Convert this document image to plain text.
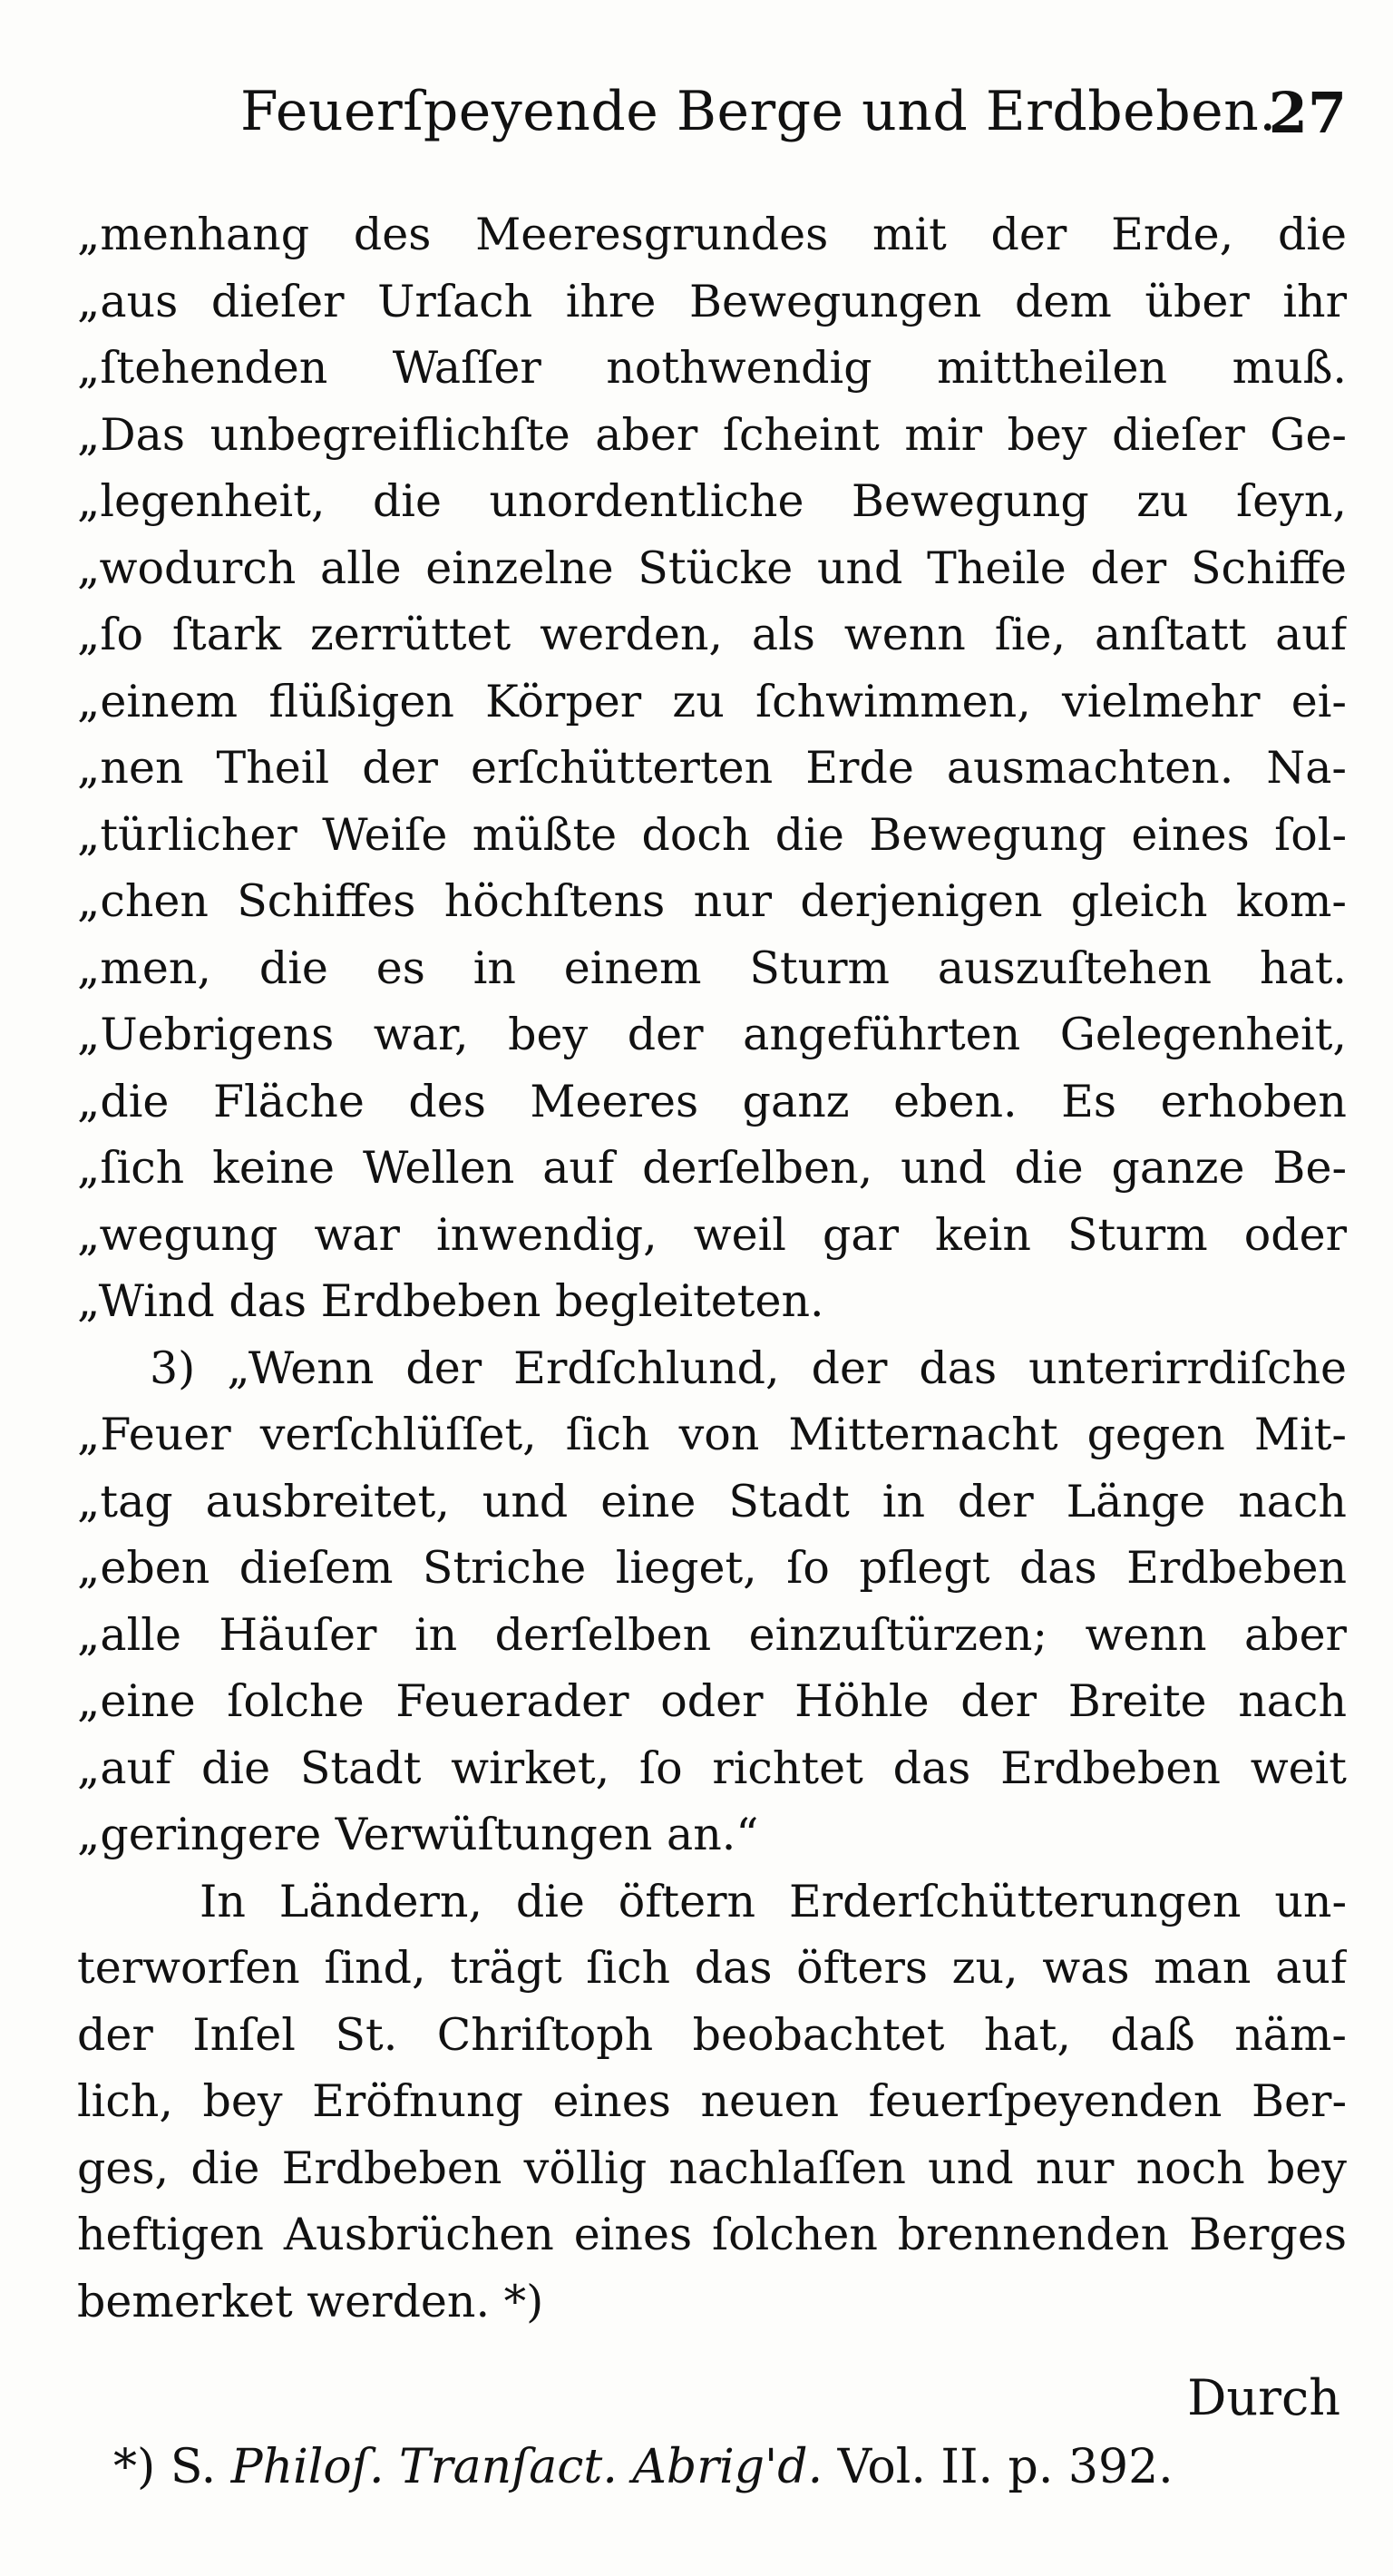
Feuerſpeyende Berge und Erdbeben.
27
„menhang des Meeresgrundes mit der Erde, die
„aus dieſer Urſach ihre Bewegungen dem über ihr
„ſtehenden Waſſer nothwendig mittheilen muß.
„Das unbegreiflichſte aber ſcheint mir bey dieſer Ge-
„legenheit, die unordentliche Bewegung zu ſeyn,
„wodurch alle einzelne Stücke und Theile der Schiffe
„ſo ſtark zerrüttet werden, als wenn ſie, anſtatt auf
„einem flüßigen Körper zu ſchwimmen, vielmehr ei-
„nen Theil der erſchütterten Erde ausmachten. Na-
„türlicher Weiſe müßte doch die Bewegung eines ſol-
„chen Schiffes höchſtens nur derjenigen gleich kom-
„men, die es in einem Sturm auszuſtehen hat.
„Uebrigens war, bey der angeführten Gelegenheit,
„die Fläche des Meeres ganz eben. Es erhoben
„ſich keine Wellen auf derſelben, und die ganze Be-
„wegung war inwendig, weil gar kein Sturm oder
„Wind das Erdbeben begleiteten.
3) „Wenn der Erdſchlund, der das unterirrdiſche
„Feuer verſchlüſſet, ſich von Mitternacht gegen Mit-
„tag ausbreitet, und eine Stadt in der Länge nach
„eben dieſem Striche lieget, ſo pflegt das Erdbeben
„alle Häuſer in derſelben einzuſtürzen; wenn aber
„eine ſolche Feuerader oder Höhle der Breite nach
„auf die Stadt wirket, ſo richtet das Erdbeben weit
„geringere Verwüſtungen an.“
In Ländern, die öftern Erderſchütterungen un-
terworfen ſind, trägt ſich das öfters zu, was man auf
der Inſel St. Chriſtoph beobachtet hat, daß näm-
lich, bey Eröfnung eines neuen feuerſpeyenden Ber-
ges, die Erdbeben völlig nachlaſſen und nur noch bey
heftigen Ausbrüchen eines ſolchen brennenden Berges
bemerket werden. *)
Durch
*) S. Philoſ. Tranſact. Abrig'd. Vol. II. p. 392.
